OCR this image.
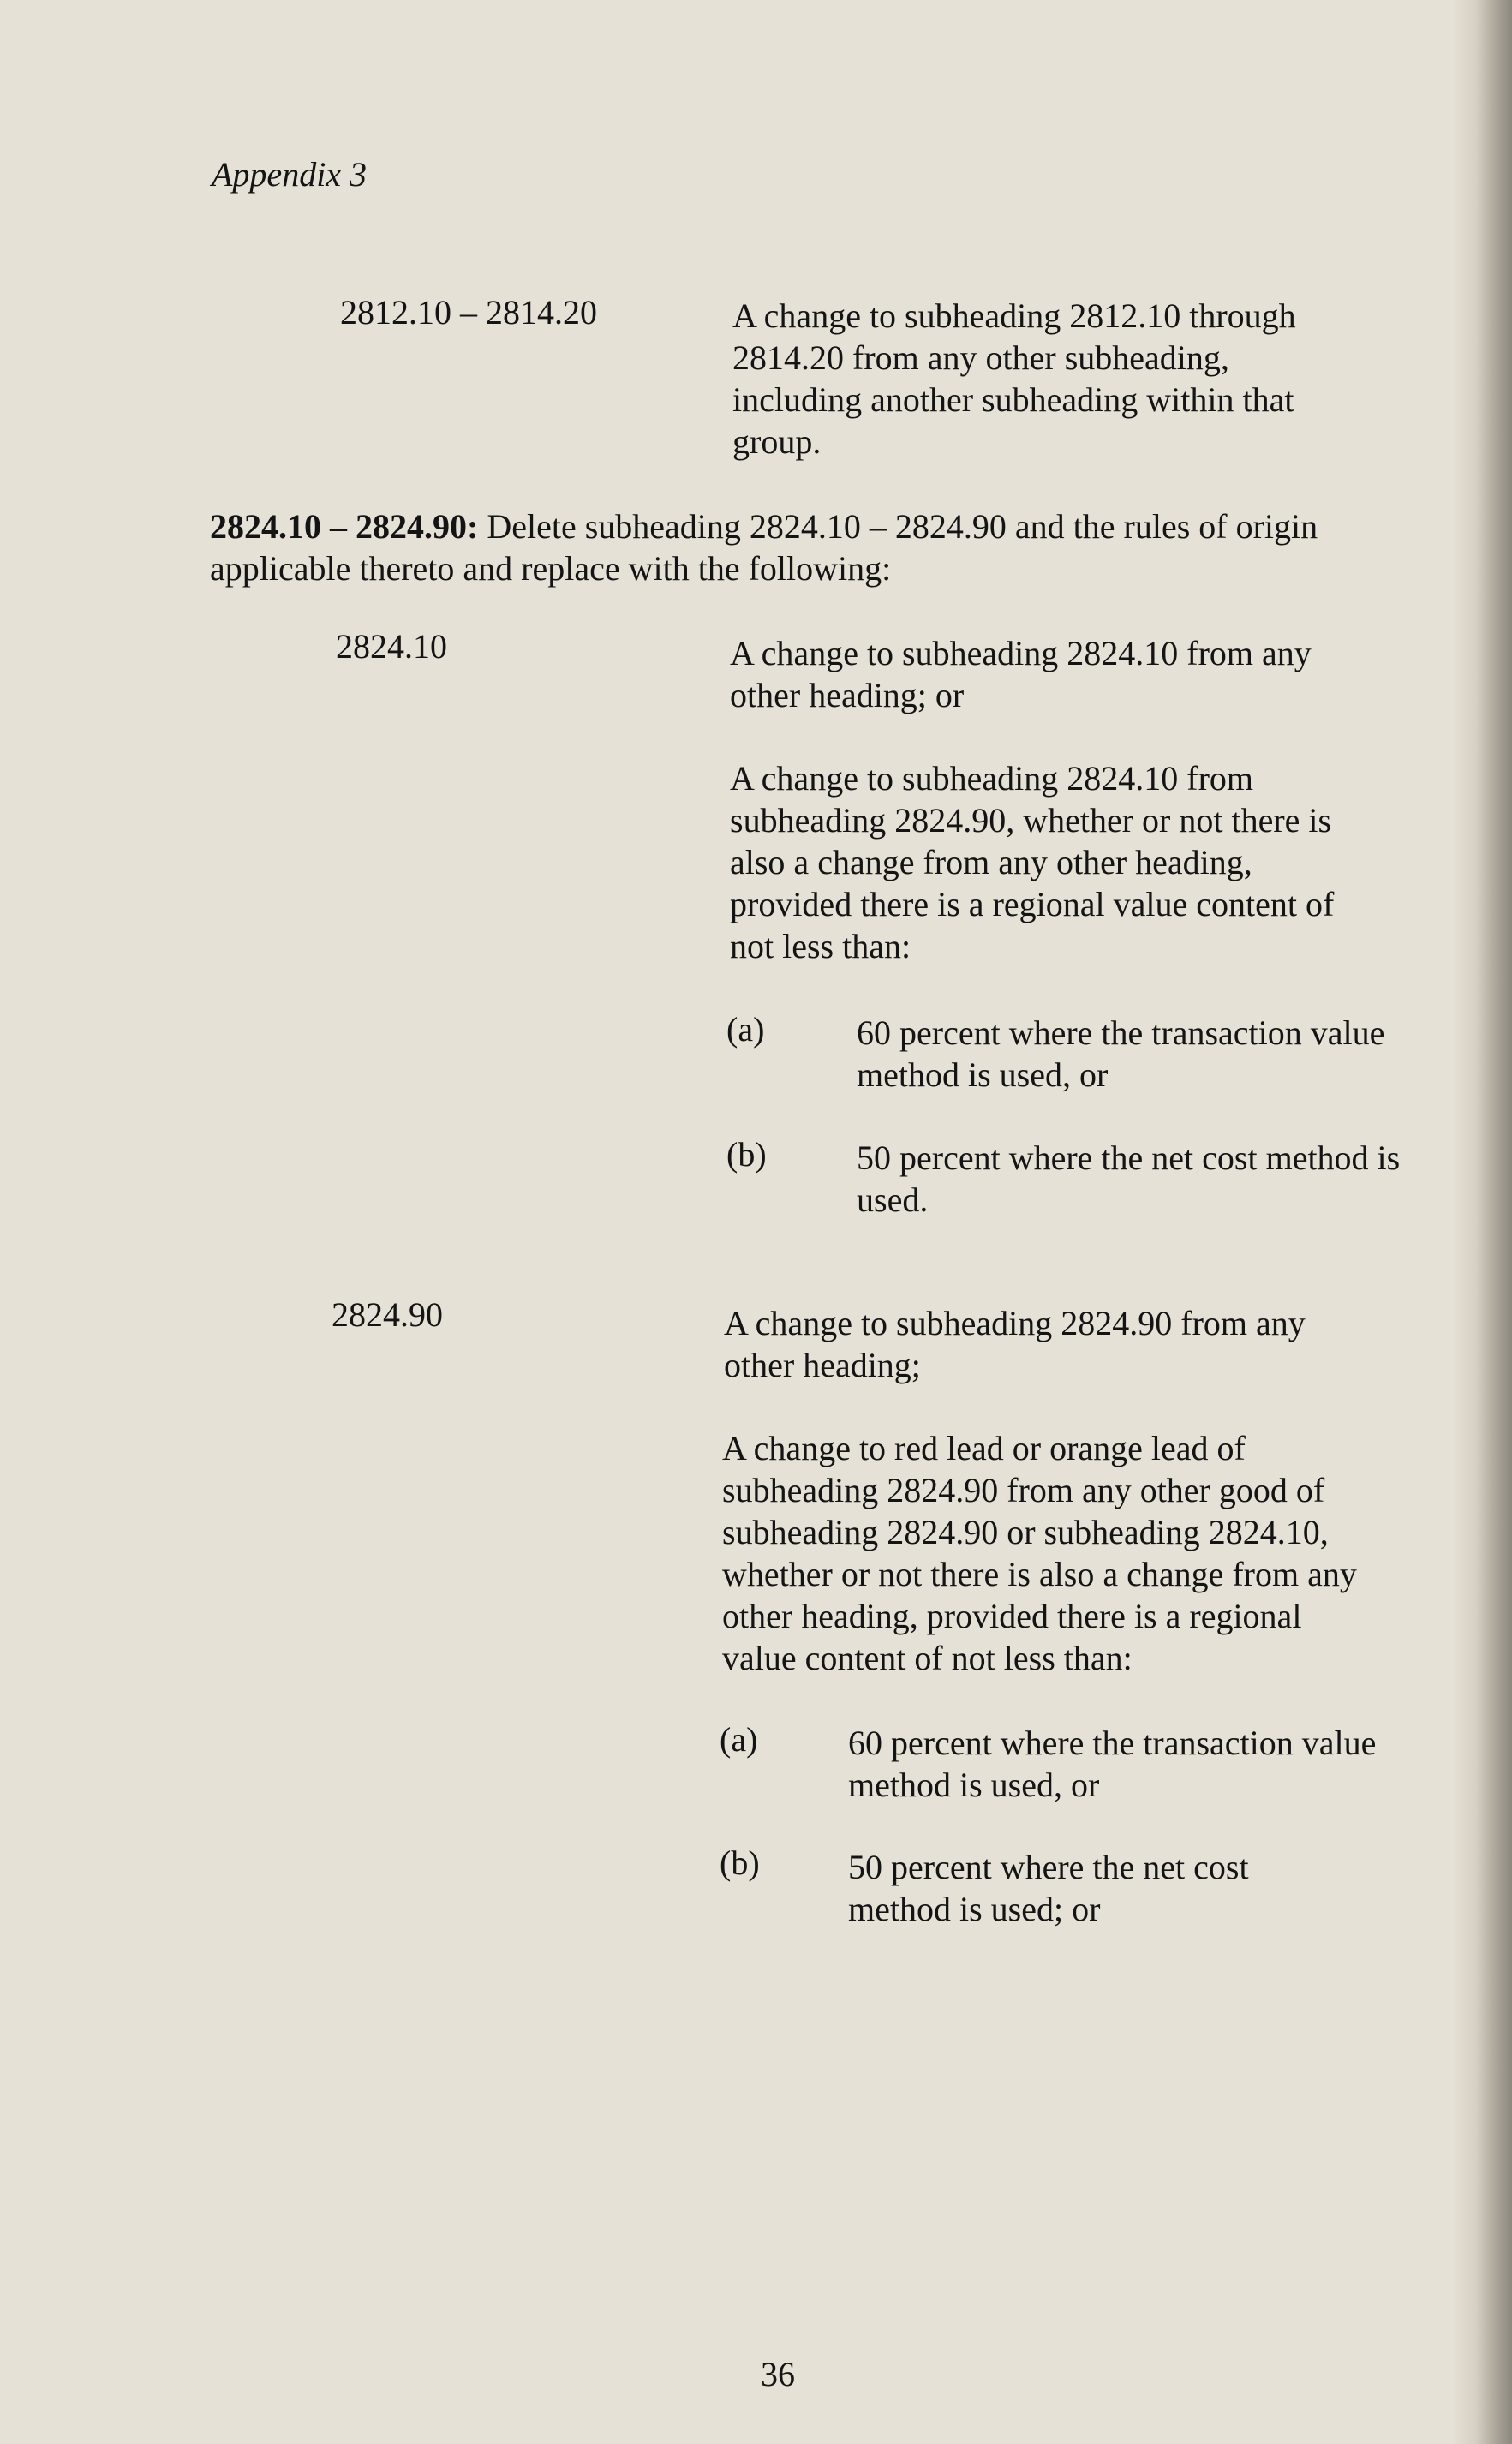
Appendix 3
2812.10 – 2814.20	A change to subheading 2812.10 through 2814.20 from any other subheading, including another subheading within that group.

2824.10 – 2824.90: Delete subheading 2824.10 – 2824.90 and the rules of origin applicable thereto and replace with the following:

2824.10	A change to subheading 2824.10 from any other heading; or

A change to subheading 2824.10 from subheading 2824.90, whether or not there is also a change from any other heading, provided there is a regional value content of not less than:

(a)	60 percent where the transaction value method is used, or

(b)	50 percent where the net cost method is used.

2824.90	A change to subheading 2824.90 from any other heading;

A change to red lead or orange lead of subheading 2824.90 from any other good of subheading 2824.90 or subheading 2824.10, whether or not there is also a change from any other heading, provided there is a regional value content of not less than:

(a)	60 percent where the transaction value method is used, or

(b)	50 percent where the net cost method is used; or

36
